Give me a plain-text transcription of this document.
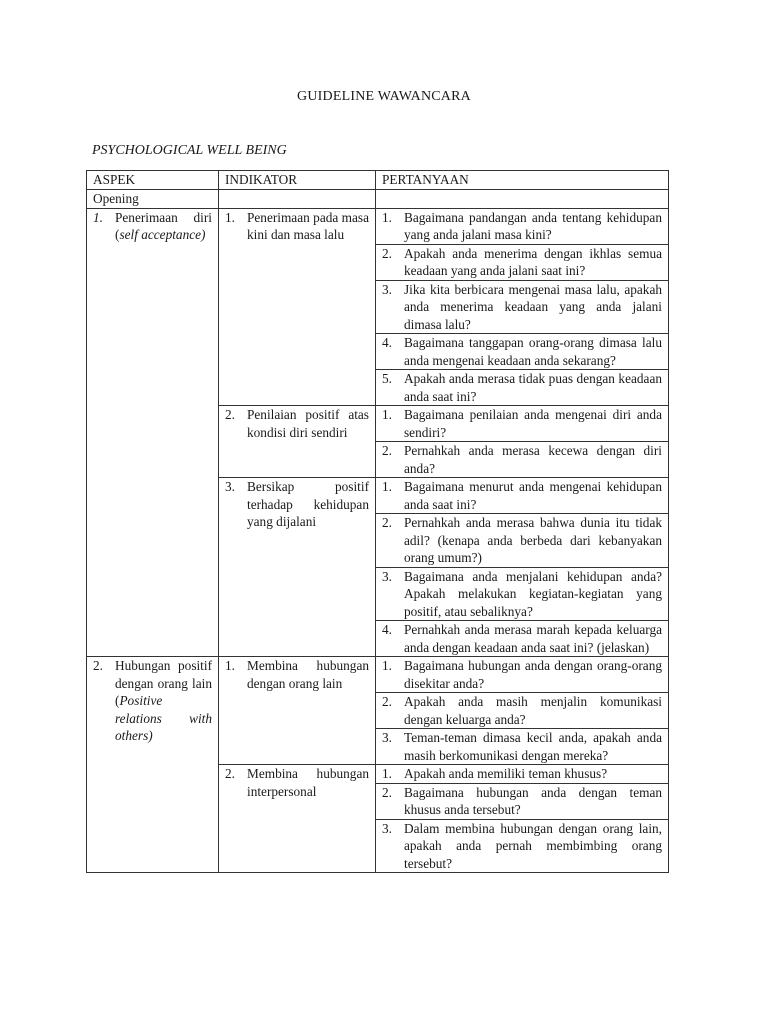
GUIDELINE WAWANCARA
PSYCHOLOGICAL WELL BEING
ASPEK	INDIKATOR	PERTANYAAN
Opening		

1. Penerimaan diri (self acceptance)	1. Penerimaan pada masa kini dan masa lalu	1. Bagaimana pandangan anda tentang kehidupan yang anda jalani masa kini?

		2. Apakah anda menerima dengan ikhlas semua keadaan yang anda jalani saat ini?

		3. Jika kita berbicara mengenai masa lalu, apakah anda menerima keadaan yang anda jalani dimasa lalu?

		4. Bagaimana tanggapan orang-orang dimasa lalu anda mengenai keadaan anda sekarang?

		5. Apakah anda merasa tidak puas dengan keadaan anda saat ini?

	2. Penilaian positif atas kondisi diri sendiri	1. Bagaimana penilaian anda mengenai diri anda sendiri?

		2. Pernahkah anda merasa kecewa dengan diri anda?

	3. Bersikap positif terhadap kehidupan yang dijalani	1. Bagaimana menurut anda mengenai kehidupan anda saat ini?

		2. Pernahkah anda merasa bahwa dunia itu tidak adil? (kenapa anda berbeda dari kebanyakan orang umum?)

		3. Bagaimana anda menjalani kehidupan anda? Apakah melakukan kegiatan-kegiatan yang positif, atau sebaliknya?

		4. Pernahkah anda merasa marah kepada keluarga anda dengan keadaan anda saat ini? (jelaskan)

2. Hubungan positif dengan orang lain (Positive relations with others)	1. Membina hubungan dengan orang lain	1. Bagaimana hubungan anda dengan orang-orang disekitar anda?

		2. Apakah anda masih menjalin komunikasi dengan keluarga anda?

		3. Teman-teman dimasa kecil anda, apakah anda masih berkomunikasi dengan mereka?

	2. Membina hubungan interpersonal	1. Apakah anda memiliki teman khusus?

		2. Bagaimana hubungan anda dengan teman khusus anda tersebut?

		3. Dalam membina hubungan dengan orang lain, apakah anda pernah membimbing orang tersebut?
